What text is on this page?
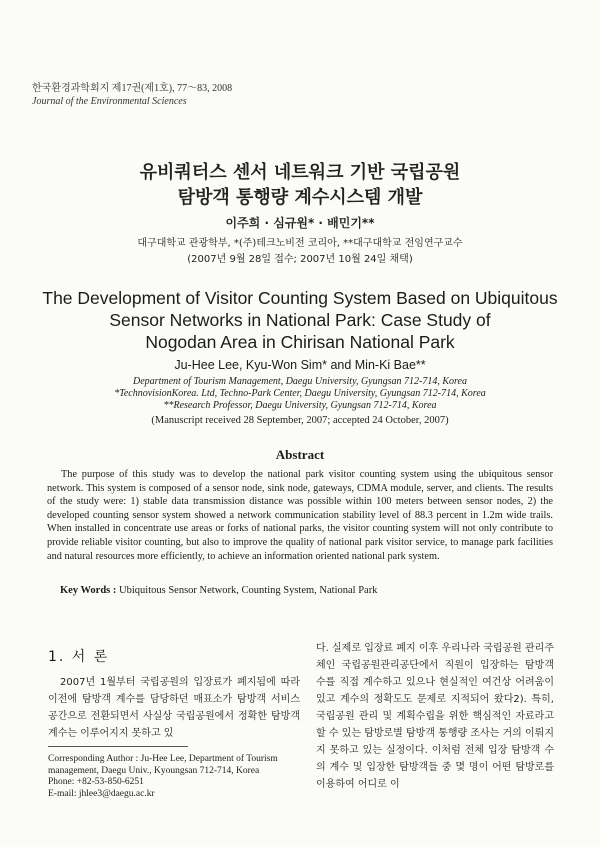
한국환경과학회지 제17권(제1호), 77～83, 2008
Journal of the Environmental Sciences
유비쿼터스 센서 네트워크 기반 국립공원
탐방객 통행량 계수시스템 개발
이주희 · 심규원* · 배민기**
대구대학교 관광학부, *(주)테크노비전 코리아, **대구대학교 전임연구교수
(2007년 9월 28일 접수; 2007년 10월 24일 채택)
The Development of Visitor Counting System Based on Ubiquitous
Sensor Networks in National Park: Case Study of
Nogodan Area in Chirisan National Park
Ju-Hee Lee, Kyu-Won Sim* and Min-Ki Bae**
Department of Tourism Management, Daegu University, Gyungsan 712-714, Korea
*TechnovisionKorea. Ltd, Techno-Park Center, Daegu University, Gyungsan 712-714, Korea
**Research Professor, Daegu University, Gyungsan 712-714, Korea
(Manuscript received 28 September, 2007; accepted 24 October, 2007)
Abstract

The purpose of this study was to develop the national park visitor counting system using the ubiquitous sensor network. This system is composed of a sensor node, sink node, gateways, CDMA module, server, and clients. The results of the study were: 1) stable data transmission distance was possible within 100 meters between sensor nodes, 2) the developed counting sensor system showed a network communication stability level of 88.3 percent in 1.2m wide trails. When installed in concentrate use areas or forks of national parks, the visitor counting system will not only contribute to provide reliable visitor counting, but also to improve the quality of national park visitor service, to manage park facilities and natural resources more efficiently, to achieve an information oriented national park system.

Key Words : Ubiquitous Sensor Network, Counting System, National Park
1. 서 론

2007년 1월부터 국립공원의 입장료가 폐지됨에 따라 이전에 탐방객 계수를 담당하던 매표소가 탐방객 서비스 공간으로 전환되면서 사실상 국립공원에서 정확한 탐방객 계수는 이루어지지 못하고 있

Corresponding Author : Ju-Hee Lee, Department of Tourism
management, Daegu Univ., Kyoungsan 712-714, Korea
Phone: +82-53-850-6251
E-mail: jhlee3@daegu.ac.kr

다. 실제로 입장료 폐지 이후 우리나라 국립공원 관리주체인 국립공원관리공단에서 직원이 입장하는 탐방객 수를 직접 계수하고 있으나 현실적인 여건상 어려움이 있고 계수의 정확도도 문제로 지적되어 왔다2). 특히, 국립공원 관리 및 계획수립을 위한 핵심적인 자료라고 할 수 있는 탐방로별 탐방객 통행량 조사는 거의 이뤄지지 못하고 있는 실정이다. 이처럼 전체 입장 탐방객 수의 계수 및 입장한 탐방객들 중 몇 명이 어떤 탐방로를 이용하여 어디로 이
